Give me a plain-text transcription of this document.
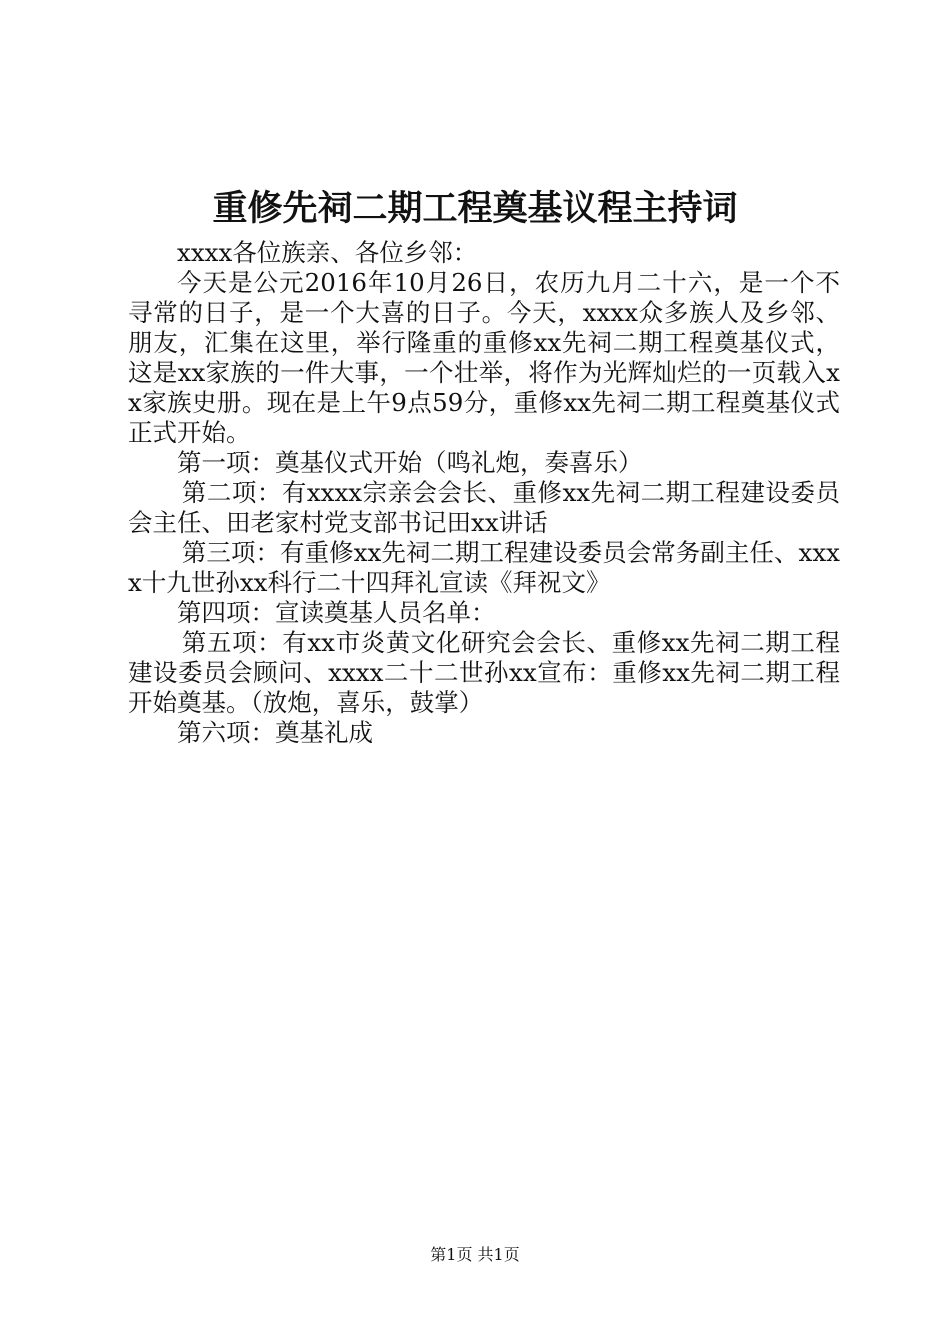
重修先祠二期工程奠基议程主持词

xxxx各位族亲、各位乡邻：

今天是公元2016年10月26日，农历九月二十六，是一个不寻常的日子，是一个大喜的日子。今天，xxxx众多族人及乡邻、朋友，汇集在这里，举行隆重的重修xx先祠二期工程奠基仪式，这是xx家族的一件大事，一个壮举，将作为光辉灿烂的一页载入xx家族史册。现在是上午9点59分，重修xx先祠二期工程奠基仪式正式开始。

第一项：奠基仪式开始（鸣礼炮，奏喜乐）

第二项：有xxxx宗亲会会长、重修xx先祠二期工程建设委员会主任、田老家村党支部书记田xx讲话

第三项：有重修xx先祠二期工程建设委员会常务副主任、xxxx十九世孙xx科行二十四拜礼宣读《拜祝文》

第四项：宣读奠基人员名单：

第五项：有xx市炎黄文化研究会会长、重修xx先祠二期工程建设委员会顾问、xxxx二十二世孙xx宣布：重修xx先祠二期工程开始奠基。（放炮，喜乐，鼓掌）

第六项：奠基礼成

第1页 共1页
